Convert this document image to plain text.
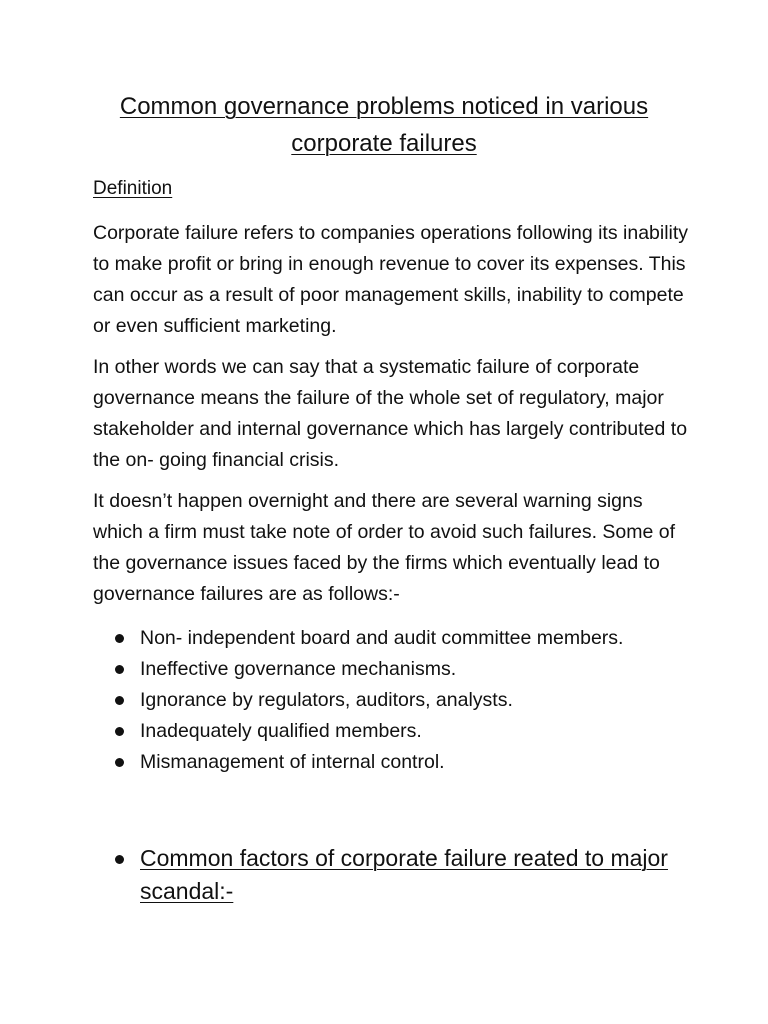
Common governance problems noticed in various corporate failures

Definition

Corporate failure refers to companies operations following its inability to make profit or bring in enough revenue to cover its expenses. This can occur as a result of poor management skills, inability to compete or even sufficient marketing.

In other words we can say that a systematic failure of corporate governance means the failure of the whole set of regulatory, major stakeholder and internal governance which has largely contributed to the on- going financial crisis.

It doesn’t happen overnight and there are several warning signs which a firm must take note of order to avoid such failures. Some of the governance issues faced by the firms which eventually lead to governance failures are as follows:-

Non- independent board and audit committee members.
Ineffective governance mechanisms.
Ignorance by regulators, auditors, analysts.
Inadequately qualified members.
Mismanagement of internal control.
Common factors of corporate failure reated to major scandal:-
